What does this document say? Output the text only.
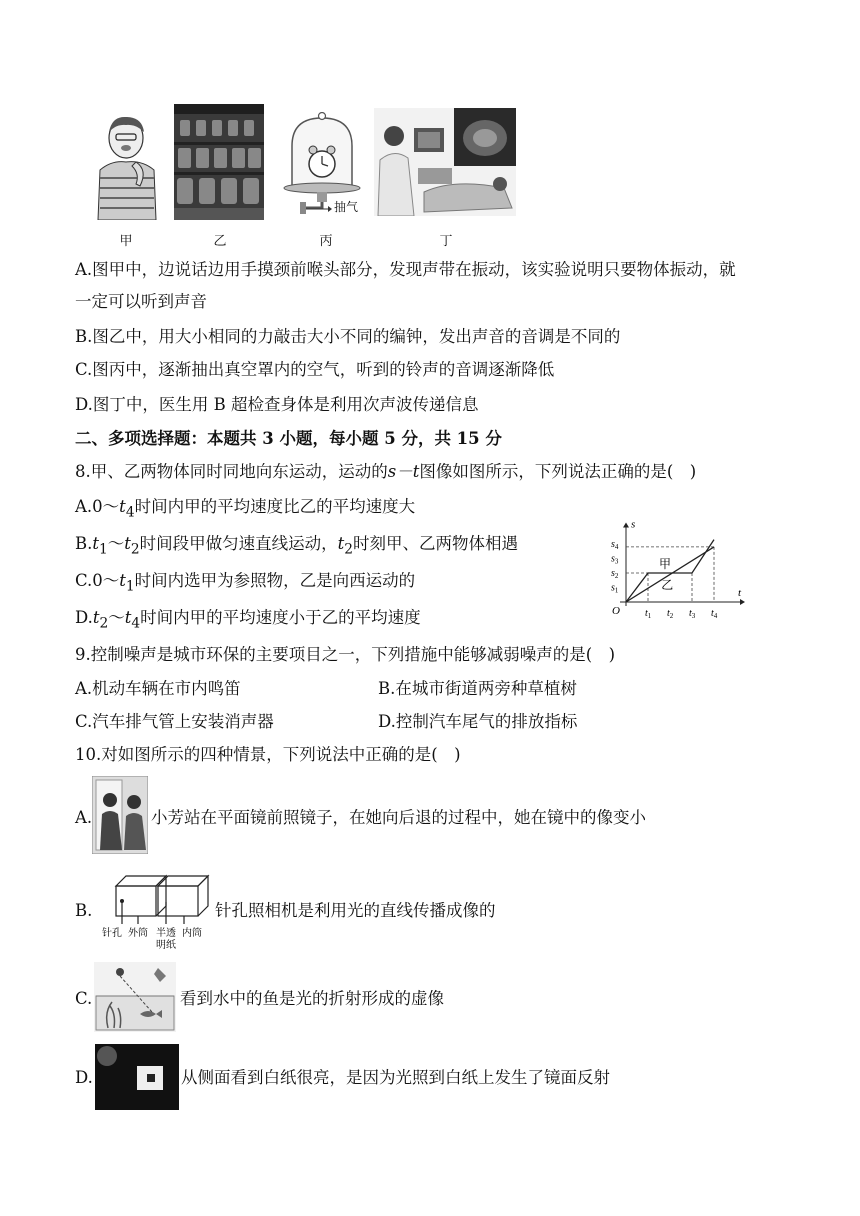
甲	乙
抽气
丙	丁
A.图甲中，边说话边用手摸颈前喉头部分，发现声带在振动，该实验说明只要物体振动，就
一定可以听到声音
B.图乙中，用大小相同的力敲击大小不同的编钟，发出声音的音调是不同的
C.图丙中，逐渐抽出真空罩内的空气，听到的铃声的音调逐渐降低
D.图丁中，医生用 B 超检查身体是利用次声波传递信息
二、多项选择题：本题共 3 小题，每小题 5 分，共 15 分
8.甲、乙两物体同时同地向东运动，运动的s－t图像如图所示，下列说法正确的是(　)
$A.0\sim t_4$时间内甲的平均速度比乙的平均速度大
$B.t_1\sim t_2$时间段甲做匀速直线运动，$t_2$时刻甲、乙两物体相遇
$C.0\sim t_1$时间内选甲为参照物，乙是向西运动的
$D.t_2\sim t_4$时间内甲的平均速度小于乙的平均速度
t
s
O	$t_1$ $t_2$ $t_3$ $t_4$
$s_1$
$s_2$
$s_3$
$s_4$
甲
乙
9.控制噪声是城市环保的主要项目之一，下列措施中能够减弱噪声的是(　)
A.机动车辆在市内鸣笛	B.在城市街道两旁种草植树
C.汽车排气管上安装消声器	D.控制汽车尾气的排放指标
10.对如图所示的四种情景，下列说法中正确的是(　)
A.	小芳站在平面镜前照镜子，在她向后退的过程中，她在镜中的像变小
B.
针孔 外筒 半透
明纸
内筒
针孔照相机是利用光的直线传播成像的
C.	看到水中的鱼是光的折射形成的虚像
D.	从侧面看到白纸很亮，是因为光照到白纸上发生了镜面反射
